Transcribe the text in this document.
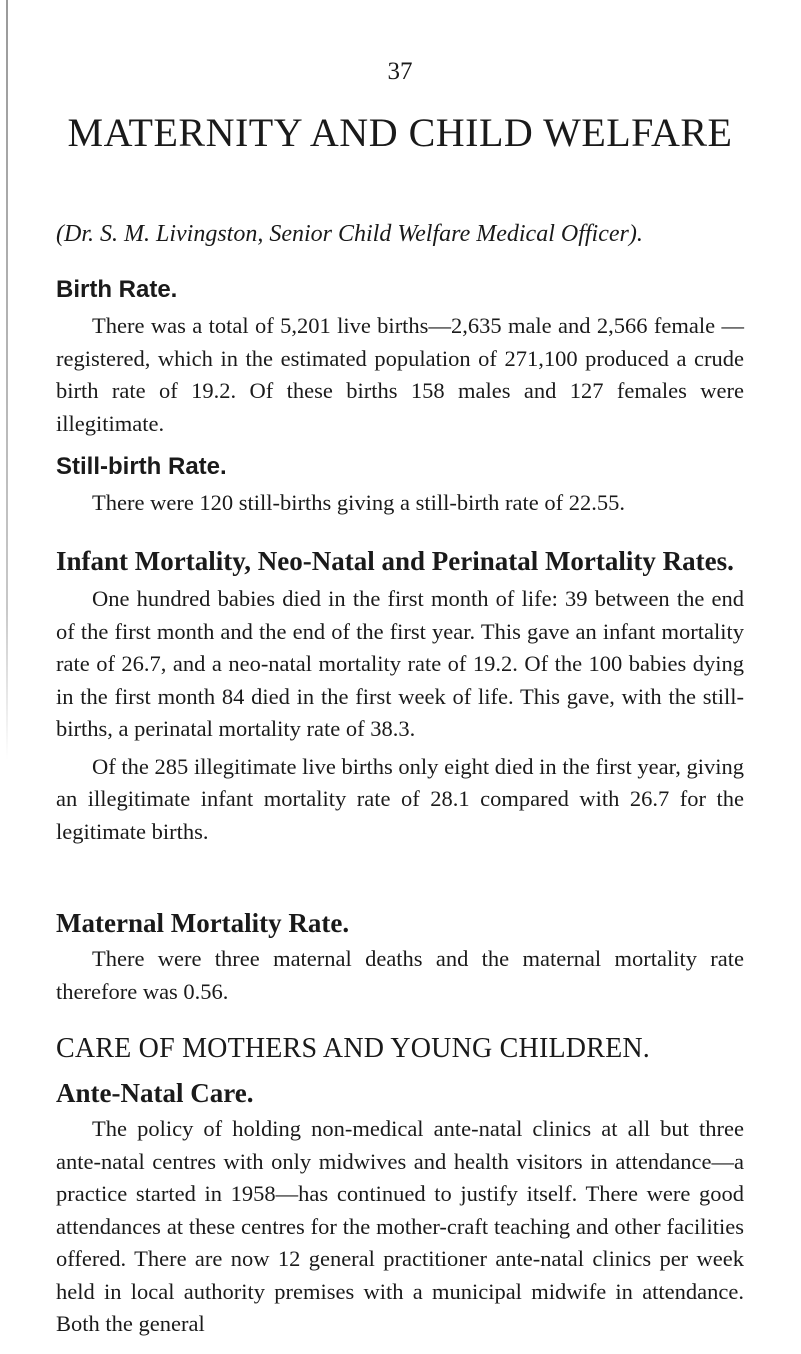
37
MATERNITY AND CHILD WELFARE
(Dr. S. M. Livingston, Senior Child Welfare Medical Officer).
Birth Rate.

There was a total of 5,201 live births—2,635 male and 2,566 female —registered, which in the estimated population of 271,100 produced a crude birth rate of 19.2. Of these births 158 males and 127 females were illegitimate.

Still-birth Rate.

There were 120 still-births giving a still-birth rate of 22.55.

Infant Mortality, Neo-Natal and Perinatal Mortality Rates.

One hundred babies died in the first month of life: 39 between the end of the first month and the end of the first year. This gave an infant mortality rate of 26.7, and a neo-natal mortality rate of 19.2. Of the 100 babies dying in the first month 84 died in the first week of life. This gave, with the still-births, a perinatal mortality rate of 38.3.

Of the 285 illegitimate live births only eight died in the first year, giving an illegitimate infant mortality rate of 28.1 compared with 26.7 for the legitimate births.

Maternal Mortality Rate.

There were three maternal deaths and the maternal mortality rate therefore was 0.56.

CARE OF MOTHERS AND YOUNG CHILDREN.
Ante-Natal Care.

The policy of holding non-medical ante-natal clinics at all but three ante-natal centres with only midwives and health visitors in attendance—a practice started in 1958—has continued to justify itself. There were good attendances at these centres for the mother-craft teaching and other facilities offered. There are now 12 general practitioner ante-natal clinics per week held in local authority premises with a municipal midwife in attendance. Both the general
